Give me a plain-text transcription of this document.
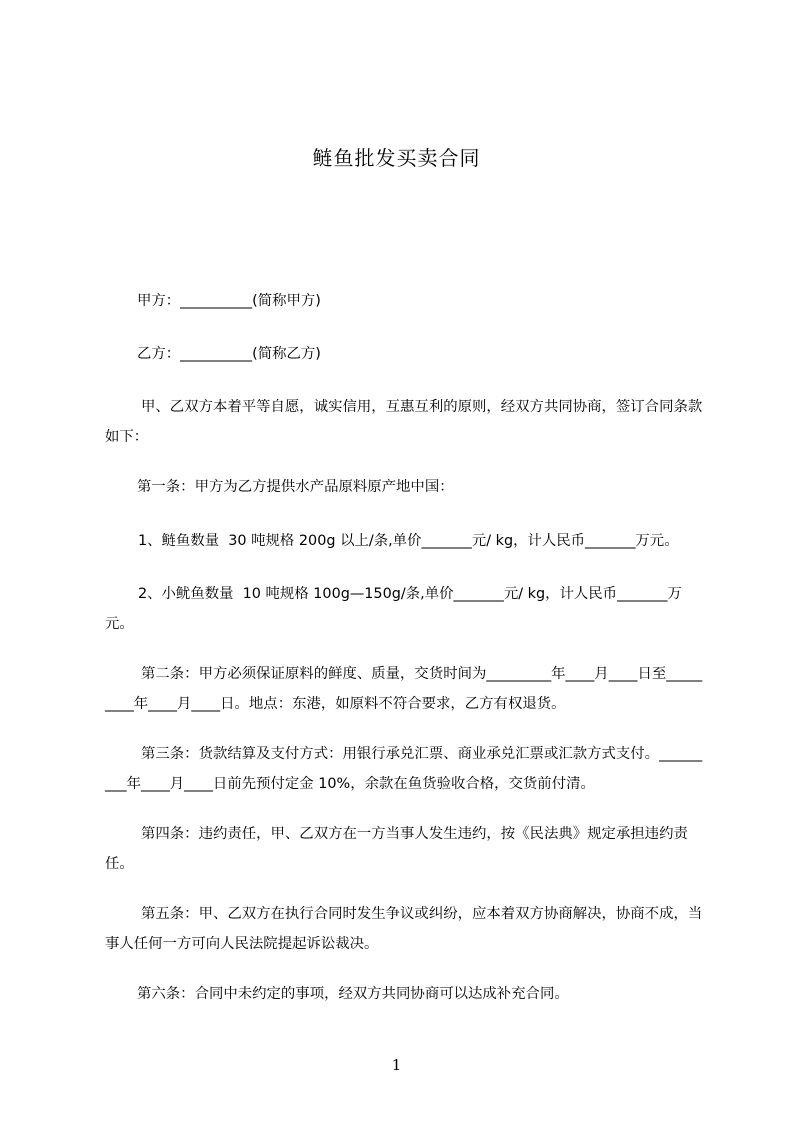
鲢鱼批发买卖合同
甲方：__________(简称甲方)
乙方：__________(简称乙方)
甲、乙双方本着平等自愿，诚实信用，互惠互利的原则，经双方共同协商，签订合同条款如下：
第一条：甲方为乙方提供水产品原料原产地中国：
1、鲢鱼数量  30 吨规格 200g 以上/条,单价_______元/ kg，计人民币_______万元。
2、小鱿鱼数量  10 吨规格 100g—150g/条,单价_______元/ kg，计人民币_______万元。
第二条：甲方必须保证原料的鲜度、质量，交货时间为_________年____月____日至_________年____月____日。地点：东港，如原料不符合要求，乙方有权退货。
第三条：货款结算及支付方式：用银行承兑汇票、商业承兑汇票或汇款方式支付。_________年____月____日前先预付定金 10%，余款在鱼货验收合格，交货前付清。
第四条：违约责任，甲、乙双方在一方当事人发生违约，按《民法典》规定承担违约责任。
第五条：甲、乙双方在执行合同时发生争议或纠纷，应本着双方协商解决，协商不成，当事人任何一方可向人民法院提起诉讼裁决。
第六条：合同中未约定的事项，经双方共同协商可以达成补充合同。
1
